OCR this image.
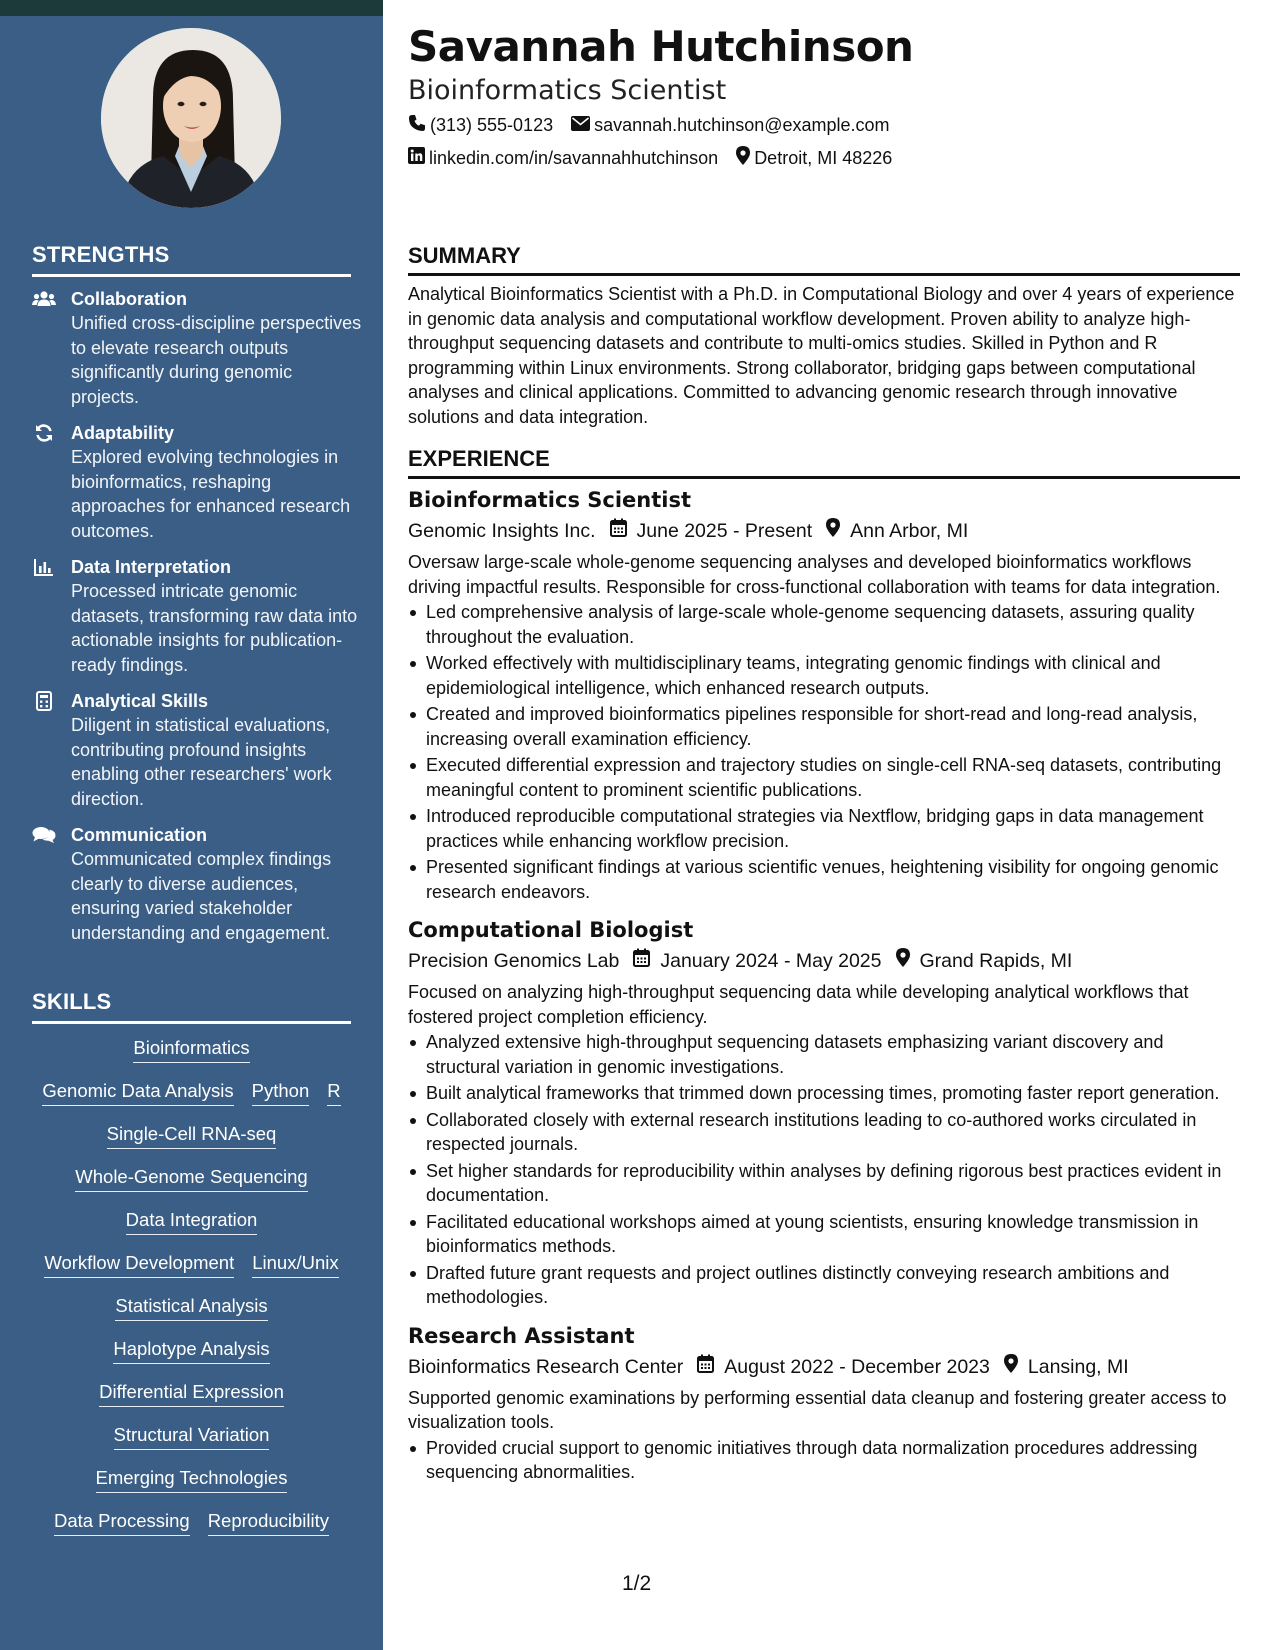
STRENGTHS
Collaboration
Unified cross-discipline perspectives to elevate research outputs significantly during genomic projects.
Adaptability
Explored evolving technologies in bioinformatics, reshaping approaches for enhanced research outcomes.
Data Interpretation
Processed intricate genomic datasets, transforming raw data into actionable insights for publication-ready findings.
Analytical Skills
Diligent in statistical evaluations, contributing profound insights enabling other researchers' work direction.
Communication
Communicated complex findings clearly to diverse audiences, ensuring varied stakeholder understanding and engagement.
SKILLS
Bioinformatics
Genomic Data Analysis Python R
Single-Cell RNA-seq
Whole-Genome Sequencing
Data Integration
Workflow Development Linux/Unix
Statistical Analysis
Haplotype Analysis
Differential Expression
Structural Variation
Emerging Technologies
Data Processing Reproducibility
Savannah Hutchinson
Bioinformatics Scientist
(313) 555-0123 savannah.hutchinson@example.com
linkedin.com/in/savannahhutchinson Detroit, MI 48226
SUMMARY
Analytical Bioinformatics Scientist with a Ph.D. in Computational Biology and over 4 years of experience in genomic data analysis and computational workflow development. Proven ability to analyze high-throughput sequencing datasets and contribute to multi-omics studies. Skilled in Python and R programming within Linux environments. Strong collaborator, bridging gaps between computational analyses and clinical applications. Committed to advancing genomic research through innovative solutions and data integration.
EXPERIENCE
Bioinformatics Scientist
Genomic Insights Inc. June 2025 - Present Ann Arbor, MI
Oversaw large-scale whole-genome sequencing analyses and developed bioinformatics workflows driving impactful results. Responsible for cross-functional collaboration with teams for data integration.
Led comprehensive analysis of large-scale whole-genome sequencing datasets, assuring quality throughout the evaluation.
Worked effectively with multidisciplinary teams, integrating genomic findings with clinical and epidemiological intelligence, which enhanced research outputs.
Created and improved bioinformatics pipelines responsible for short-read and long-read analysis, increasing overall examination efficiency.
Executed differential expression and trajectory studies on single-cell RNA-seq datasets, contributing meaningful content to prominent scientific publications.
Introduced reproducible computational strategies via Nextflow, bridging gaps in data management practices while enhancing workflow precision.
Presented significant findings at various scientific venues, heightening visibility for ongoing genomic research endeavors.
Computational Biologist
Precision Genomics Lab January 2024 - May 2025 Grand Rapids, MI
Focused on analyzing high-throughput sequencing data while developing analytical workflows that fostered project completion efficiency.
Analyzed extensive high-throughput sequencing datasets emphasizing variant discovery and structural variation in genomic investigations.
Built analytical frameworks that trimmed down processing times, promoting faster report generation.
Collaborated closely with external research institutions leading to co-authored works circulated in respected journals.
Set higher standards for reproducibility within analyses by defining rigorous best practices evident in documentation.
Facilitated educational workshops aimed at young scientists, ensuring knowledge transmission in bioinformatics methods.
Drafted future grant requests and project outlines distinctly conveying research ambitions and methodologies.
Research Assistant
Bioinformatics Research Center August 2022 - December 2023 Lansing, MI
Supported genomic examinations by performing essential data cleanup and fostering greater access to visualization tools.
Provided crucial support to genomic initiatives through data normalization procedures addressing sequencing abnormalities.
1/2
